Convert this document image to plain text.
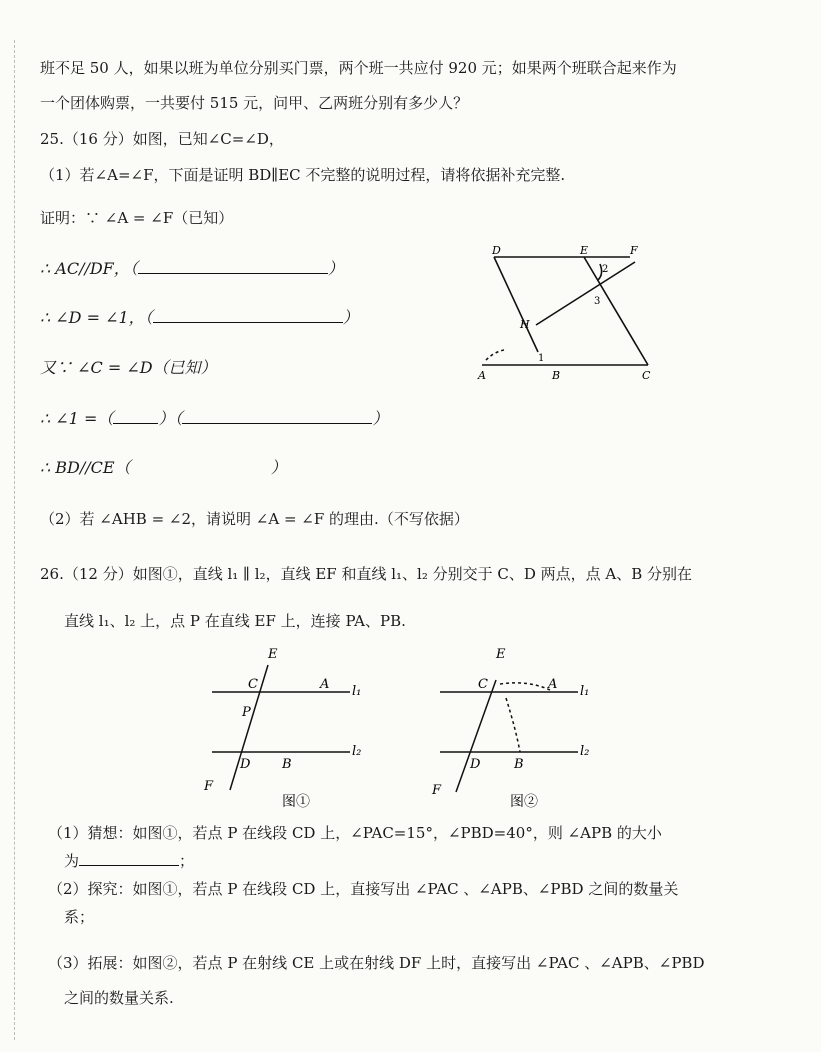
班不足 50 人，如果以班为单位分别买门票，两个班一共应付 920 元；如果两个班联合起来作为
一个团体购票，一共要付 515 元，问甲、乙两班分别有多少人？
25.（16 分）如图，已知∠C=∠D，
（1）若∠A=∠F，下面是证明 BD∥EC 不完整的说明过程，请将依据补充完整.
证明：∵ ∠A = ∠F（已知）
∴ AC//DF，（	）
∴ ∠D = ∠1，（	）
又∵ ∠C = ∠D（已知）
∴ ∠1 =（	）（	）
∴ BD//CE（	）
（2）若 ∠AHB = ∠2，请说明 ∠A = ∠F 的理由.（不写依据）
D	E	F
H
A	B	C
1
2
3
26.（12 分）如图①，直线 l₁ ∥ l₂，直线 EF 和直线 l₁、l₂ 分别交于 C、D 两点，点 A、B 分别在
直线 l₁、l₂ 上，点 P 在直线 EF 上，连接 PA、PB.
E
C	A l₁
P
D B
l₂
F
图①
E
C	A l₁
D	B
l₂
F
图②
（1）猜想：如图①，若点 P 在线段 CD 上，∠PAC=15°，∠PBD=40°，则 ∠APB 的大小
为	；
（2）探究：如图①，若点 P 在线段 CD 上，直接写出 ∠PAC 、∠APB、∠PBD 之间的数量关
系；
（3）拓展：如图②，若点 P 在射线 CE 上或在射线 DF 上时，直接写出 ∠PAC 、∠APB、∠PBD
之间的数量关系.
